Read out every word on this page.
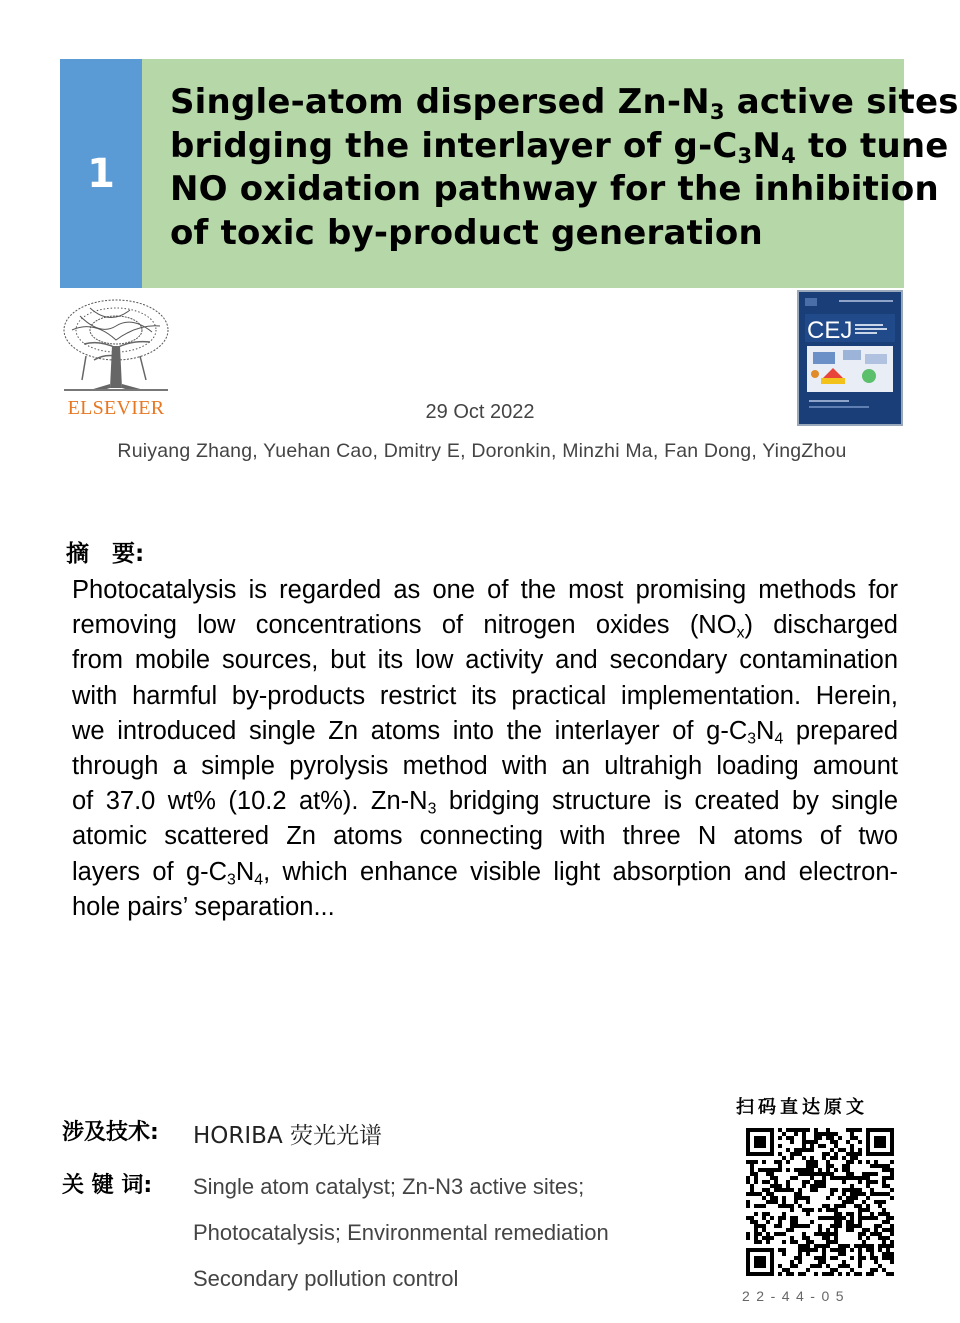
1
Single-atom dispersed $Zn-N_3$ active sites
bridging the interlayer of $g-C_3N_4$ to tune
NO oxidation pathway for the inhibition
of toxic by-product generation
ELSEVIER	29 Oct 2022
CEJ
Ruiyang Zhang, Yuehan Cao, Dmitry E, Doronkin, Minzhi Ma, Fan Dong, YingZhou
摘　要:

Photocatalysis is regarded as one of the most promising methods for
removing low concentrations of nitrogen oxides $(NO_x)$ discharged
from mobile sources, but its low activity and secondary contamination
with harmful by-products restrict its practical implementation. Herein,
we introduced single Zn atoms into the interlayer of $g-C_3N_4$ prepared
through a simple pyrolysis method with an ultrahigh loading amount
of 37.0 wt% (10.2 at%). $Zn-N_3$ bridging structure is created by single
atomic scattered Zn atoms connecting with three N atoms of two
layers of $g-C_3N_4$, which enhance visible light absorption and electron-
hole pairs’ separation...

涉及技术: HORIBA 荧光光谱
关 键 词: Single atom catalyst; Zn-N3 active sites;
Photocatalysis; Environmental remediation
Secondary pollution control
扫码直达原文
22-44-05
